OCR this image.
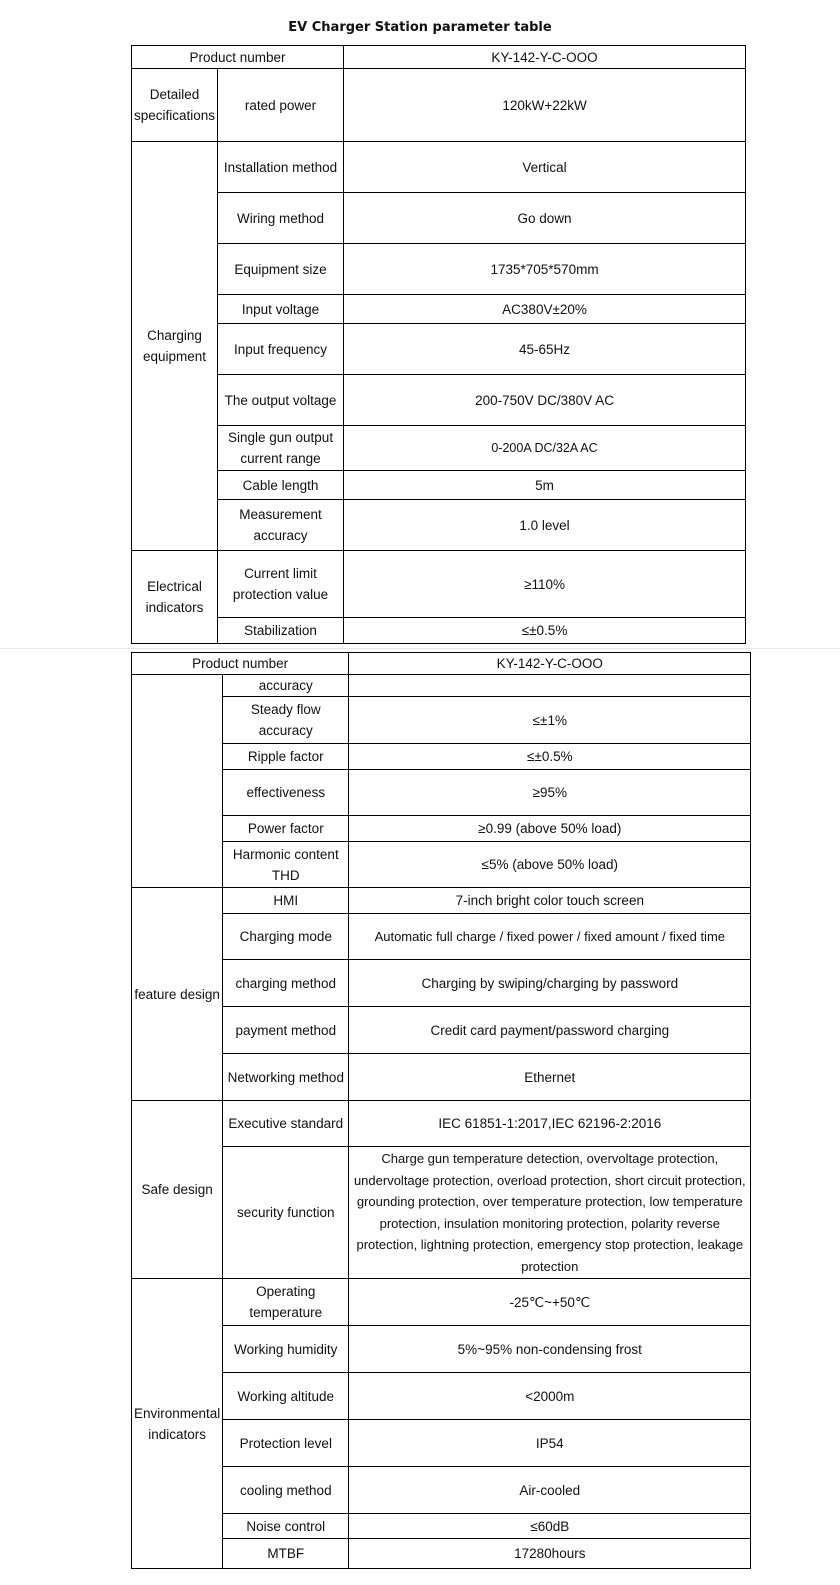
EV Charger Station parameter table
Product number		KY-142-Y-C-OOO
Detailed specifications	rated power	120kW+22kW
Charging equipment	Installation method	Vertical
	Wiring method	Go down
	Equipment size	1735*705*570mm
	Input voltage	AC380V±20%
	Input frequency	45-65Hz
	The output voltage	200-750V DC/380V AC
	Single gun output current range	0-200A DC/32A AC
	Cable length	5m
	Measurement accuracy	1.0 level
Electrical indicators	Current limit protection value	≥110%
	Stabilization	≤±0.5%
Product number		KY-142-Y-C-OOO
	accuracy	
	Steady flow accuracy	≤±1%
	Ripple factor	≤±0.5%
	effectiveness	≥95%
	Power factor	≥0.99 (above 50% load)
	Harmonic content THD	≤5% (above 50% load)
feature design	HMI	7-inch bright color touch screen
	Charging mode	Automatic full charge / fixed power / fixed amount / fixed time
	charging method	Charging by swiping/charging by password
	payment method	Credit card payment/password charging
	Networking method	Ethernet
Safe design	Executive standard	IEC 61851-1:2017,IEC 62196-2:2016
	security function	Charge gun temperature detection, overvoltage protection, undervoltage protection, overload protection, short circuit protection, grounding protection, over temperature protection, low temperature protection, insulation monitoring protection, polarity reverse protection, lightning protection, emergency stop protection, leakage protection
Environmental indicators	Operating temperature	-25℃~+50℃
	Working humidity	5%~95% non-condensing frost
	Working altitude	<2000m
	Protection level	IP54
	cooling method	Air-cooled
	Noise control	≤60dB
	MTBF	17280hours
